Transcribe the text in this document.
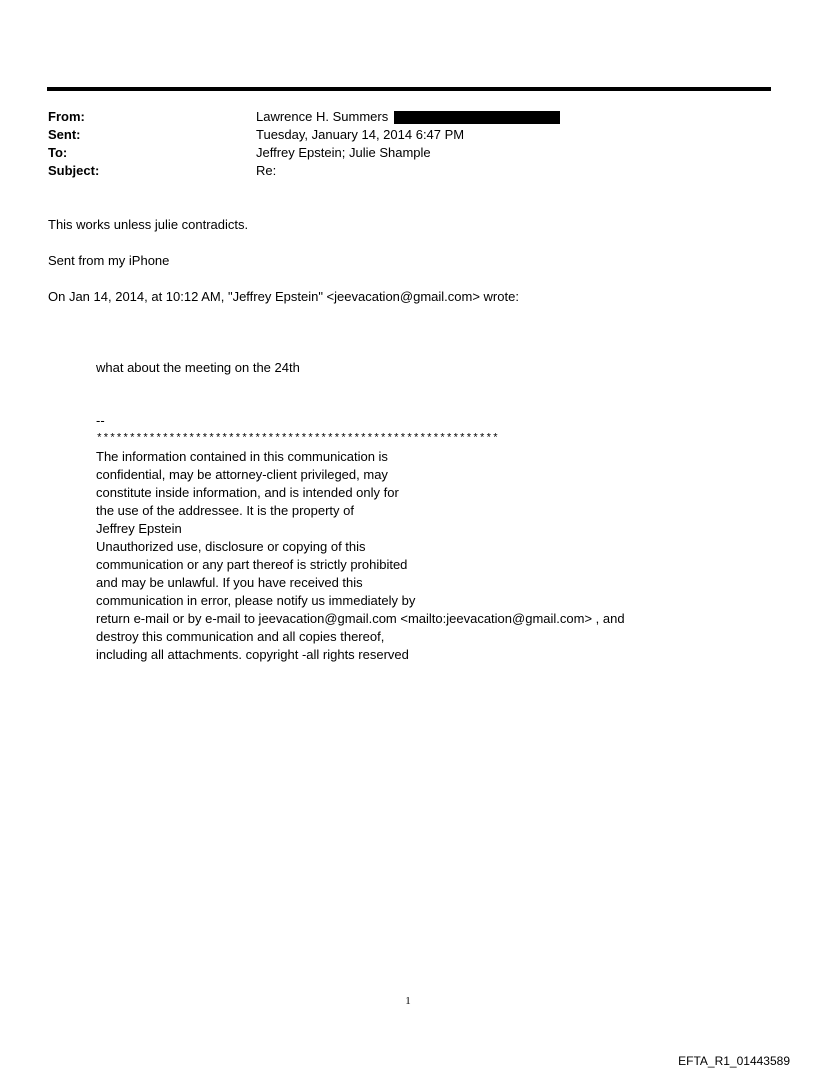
From:	Lawrence H. Summers
Sent:	Tuesday, January 14, 2014 6:47 PM
To:	Jeffrey Epstein; Julie Shample
Subject:	Re:

This works unless julie contradicts.

Sent from my iPhone

On Jan 14, 2014, at 10:12 AM, "Jeffrey Epstein" <jeevacation@gmail.com> wrote:

what about the meeting on the 24th

--

*************************************************************

The information contained in this communication is

confidential, may be attorney-client privileged, may

constitute inside information, and is intended only for

the use of the addressee. It is the property of

Jeffrey Epstein

Unauthorized use, disclosure or copying of this

communication or any part thereof is strictly prohibited

and may be unlawful. If you have received this

communication in error, please notify us immediately by

return e-mail or by e-mail to jeevacation@gmail.com <mailto:jeevacation@gmail.com> , and

destroy this communication and all copies thereof,

including all attachments. copyright -all rights reserved

1
EFTA_R1_01443589
